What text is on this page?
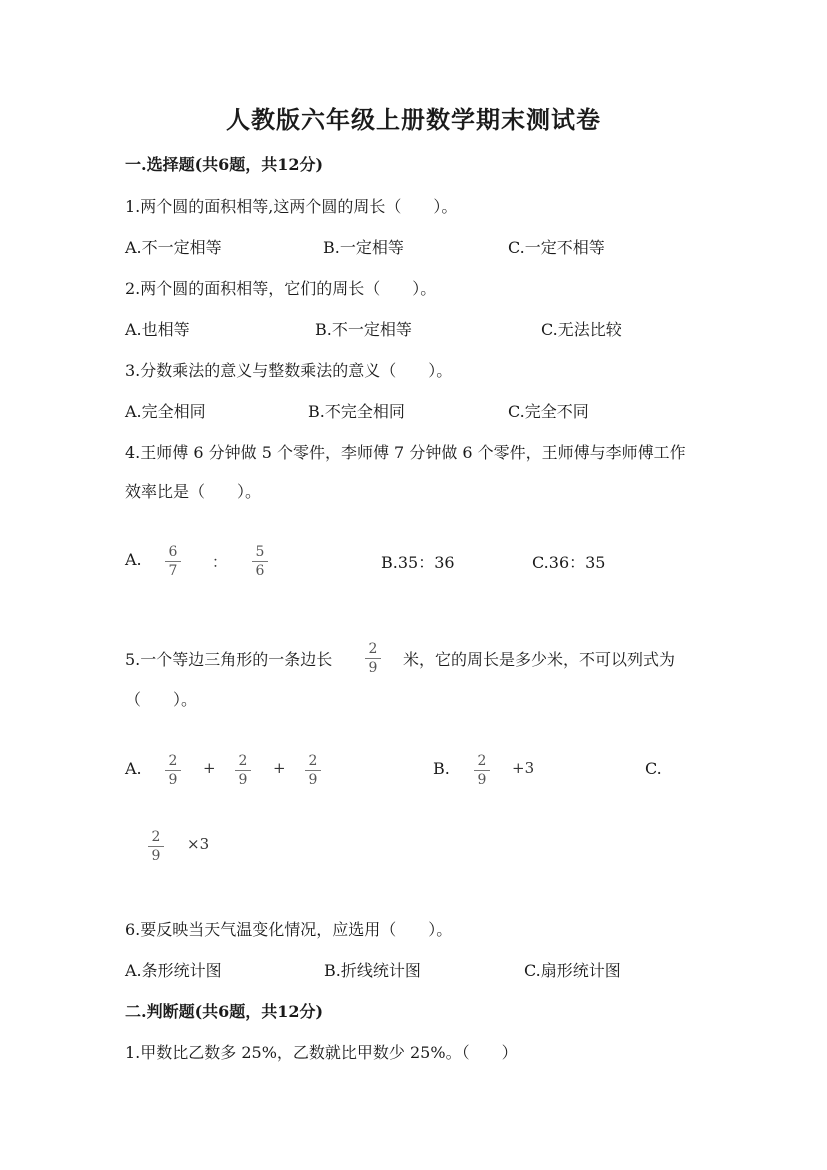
人教版六年级上册数学期末测试卷
一.选择题(共6题，共12分)
1.两个圆的面积相等,这两个圆的周长（　　）。
A.不一定相等	B.一定相等	C.一定不相等
2.两个圆的面积相等，它们的周长（　　）。
A.也相等	B.不一定相等	C.无法比较
3.分数乘法的意义与整数乘法的意义（　　）。
A.完全相同	B.不完全相同	C.完全不同
4.王师傅 6 分钟做 5 个零件，李师傅 7 分钟做 6 个零件，王师傅与李师傅工作
效率比是（　　）。
A.	6
7	：
5
6	B.35：36	C.36：35
5.一个等边三角形的一条边长
2
9 米，它的周长是多少米，不可以列式为
（　　）。
A.	2
9
+	2
9
+	2
9
B.	2
9
+3	C.
2
9
×3
6.要反映当天气温变化情况，应选用（　　）。
A.条形统计图	B.折线统计图	C.扇形统计图
二.判断题(共6题，共12分)
1.甲数比乙数多 25%，乙数就比甲数少 25%。（　　）
